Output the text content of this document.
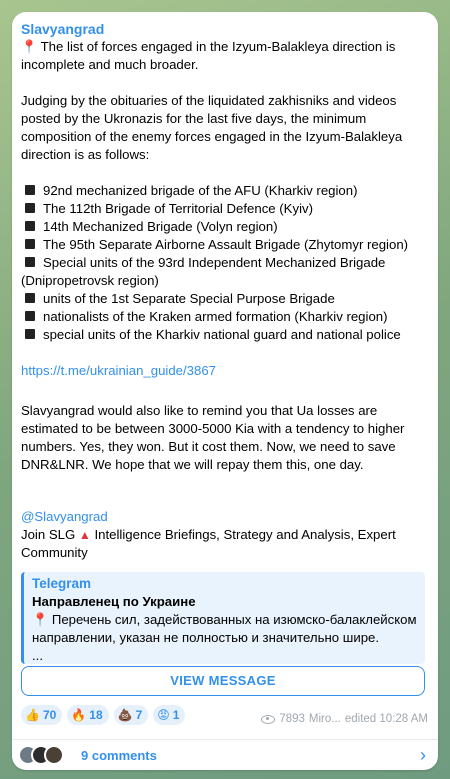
Slavyangrad

📍 The list of forces engaged in the Izyum-Balakleya direction is incomplete and much broader.

Judging by the obituaries of the liquidated zakhisniks and videos posted by the Ukronazis for the last five days, the minimum composition of the enemy forces engaged in the Izyum-Balakleya direction is as follows:

92nd mechanized brigade of the AFU (Kharkiv region)
The 112th Brigade of Territorial Defence (Kyiv)
14th Mechanized Brigade (Volyn region)
The 95th Separate Airborne Assault Brigade (Zhytomyr region)
Special units of the 93rd Independent Mechanized Brigade (Dnipropetrovsk region)
units of the 1st Separate Special Purpose Brigade
nationalists of the Kraken armed formation (Kharkiv region)
special units of the Kharkiv national guard and national police
https://t.me/ukrainian_guide/3867

Slavyangrad would also like to remind you that Ua losses are estimated to be between 3000-5000 Kia with a tendency to higher numbers. Yes, they won. But it cost them. Now, we need to save DNR&LNR. We hope that we will repay them this, one day.

@Slavyangrad

Join SLG ▲ Intelligence Briefings, Strategy and Analysis, Expert Community

Telegram
Направленец по Украине
📍 Перечень сил, задействованных на изюмско-балаклейском направлении, указан не полностью и значительно шире.
...
VIEW MESSAGE
👍 70 🔥 18 💩 7 😡 1	7893 Miro... edited 10:28 AM
9 comments	›
